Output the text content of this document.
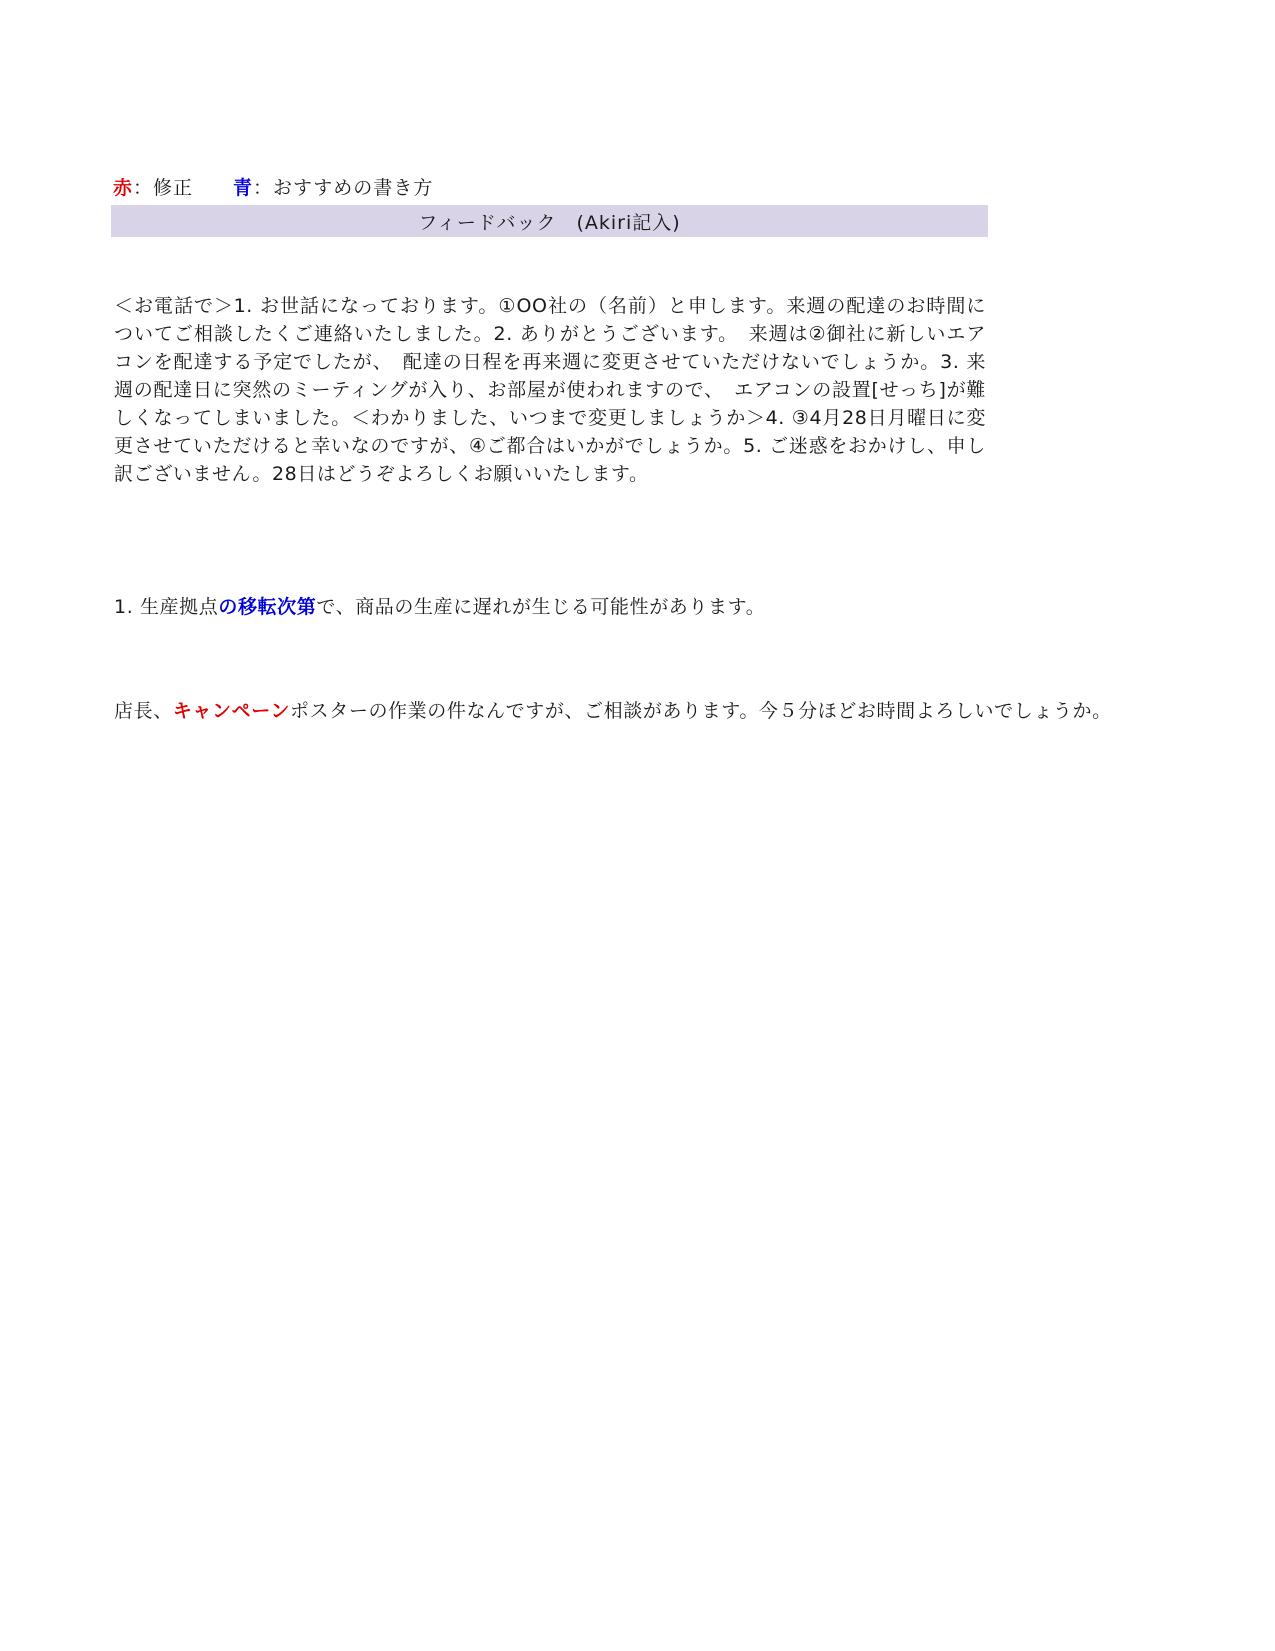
赤：修正 青：おすすめの書き方
フィードバック　(Akiri記入)
＜お電話で＞1. お世話になっております。①OO社の（名前）と申します。来週の配達のお時間についてご相談したくご連絡いたしました。2. ありがとうございます。　来週は②御社に新しいエアコンを配達する予定でしたが、　配達の日程を再来週に変更させていただけないでしょうか。3. 来週の配達日に突然のミーティングが入り、お部屋が使われますので、　エアコンの設置[せっち]が難しくなってしまいました。＜わかりました、いつまで変更しましょうか＞4. ③4月28日月曜日に変更させていただけると幸いなのですが、④ご都合はいかがでしょうか。5. ご迷惑をおかけし、申し訳ございません。28日はどうぞよろしくお願いいたします。
1. 生産拠点の移転次第で、商品の生産に遅れが生じる可能性があります。
店長、キャンペーンポスターの作業の件なんですが、ご相談があります。今５分ほどお時間よろしいでしょうか。
